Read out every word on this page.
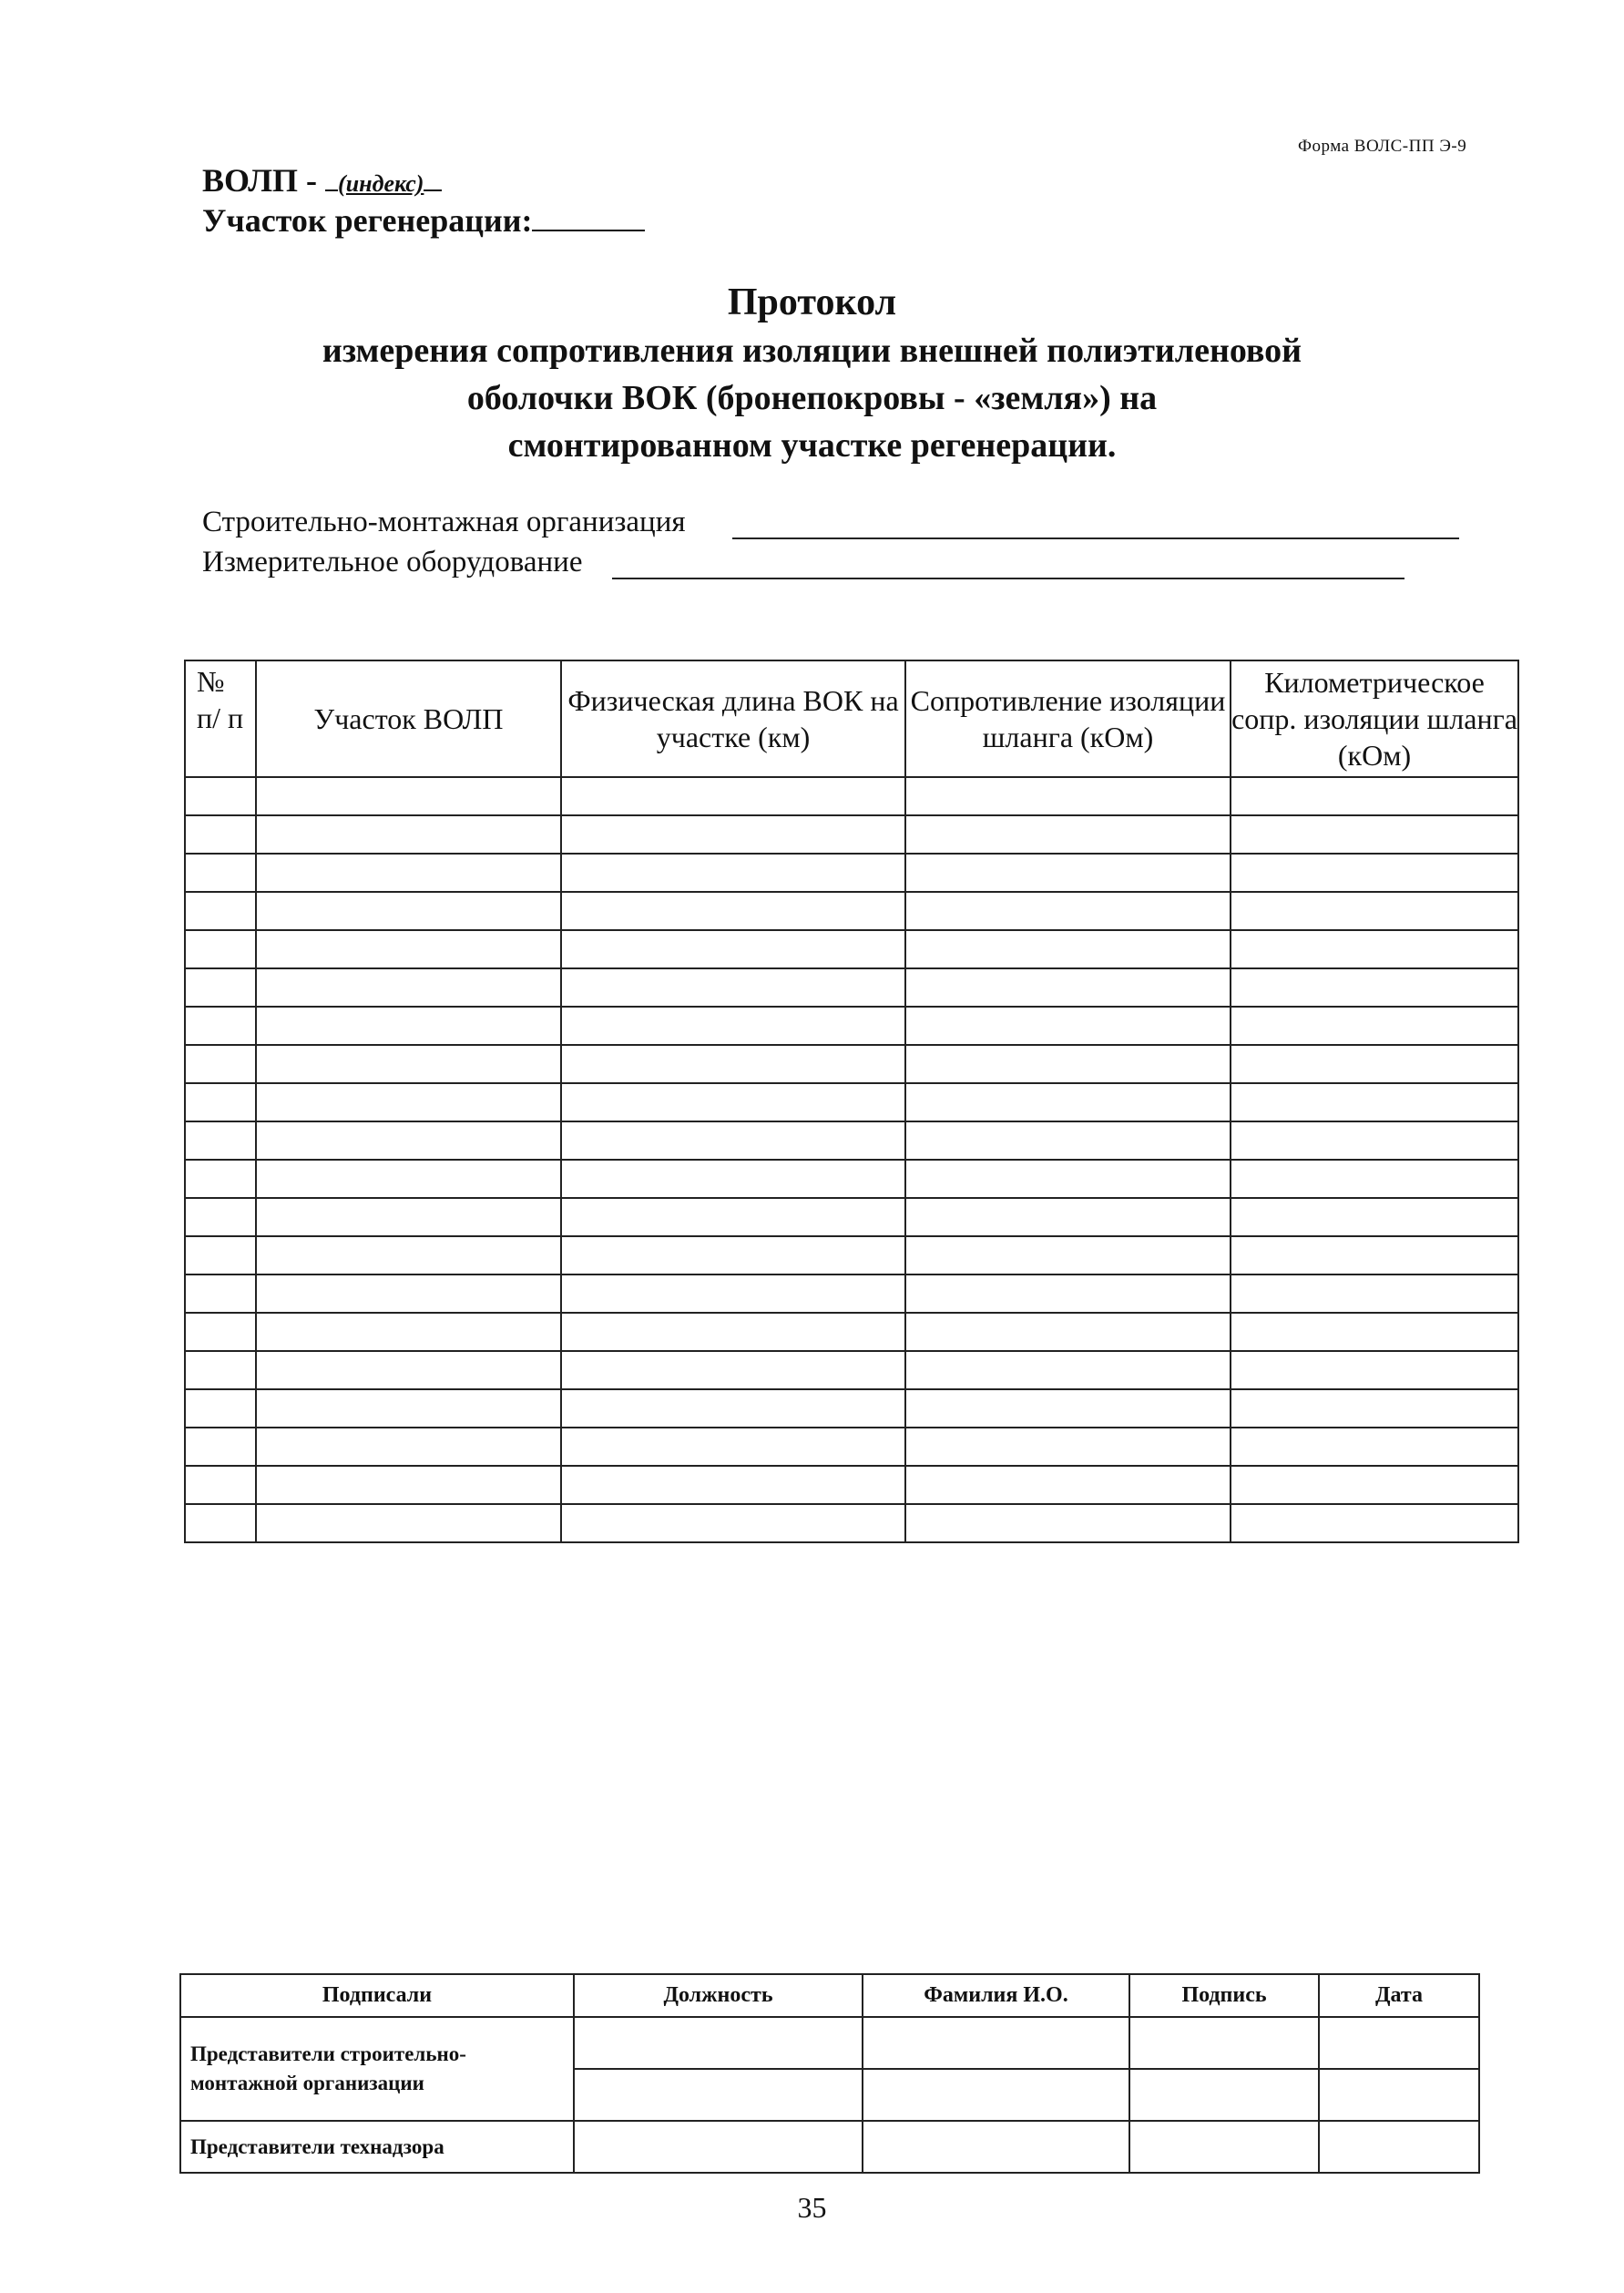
Форма ВОЛС-ПП Э-9
ВОЛП - (индекс)
Участок регенерации:
Протокол
измерения сопротивления изоляции внешней полиэтиленовой
оболочки ВОК (бронепокровы - «земля») на
смонтированном участке регенерации.
Строительно-монтажная организация
Измерительное оборудование
№ п/ п	Участок ВОЛП	Физическая длина ВОК на участке (км)	Сопротивление изоляции шланга (кОм)	Километрическое сопр. изоляции шланга (кОм)

Подписали	Должность	Фамилия И.О.	Подпись	Дата
Представители строительно-монтажной организации				

Представители технадзора				
35
